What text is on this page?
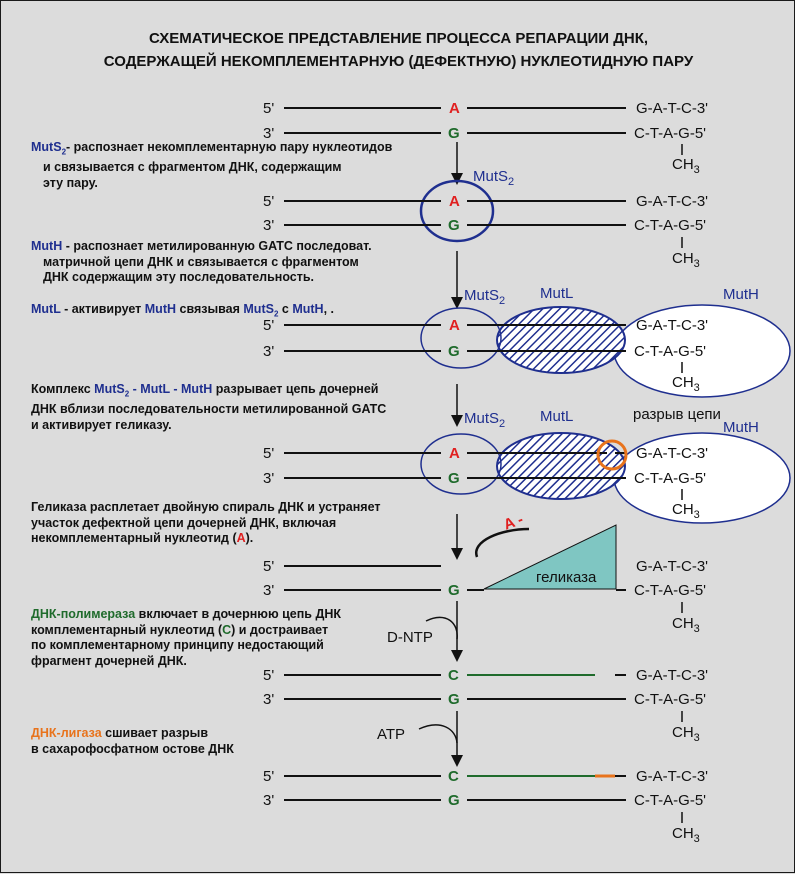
СХЕМАТИЧЕСКОЕ ПРЕДСТАВЛЕНИЕ ПРОЦЕССА РЕПАРАЦИИ ДНК,
СОДЕРЖАЩЕЙ НЕКОМПЛЕМЕНТАРНУЮ (ДЕФЕКТНУЮ) НУКЛЕОТИДНУЮ ПАРУ
MutS$_2$- распознает некомплементарную пару нуклеотидов
и связывается с фрагментом ДНК, содержащим
эту пару.
MutH - распознает метилированную GATC последоват.
матричной цепи ДНК и связывается с фрагментом
ДНК содержащим эту последовательность.
MutL - активирует MutH связывая MutS$_2$ с MutH, .
Комплекс MutS$_2$ - MutL - MutH разрывает цепь дочерней
ДНК вблизи последовательности метилированной GATC
и активирует геликазу.
Геликаза расплетает двойную спираль ДНК и устраняет
участок дефектной цепи дочерней ДНК, включая
некомплементарный нуклеотид (A).
ДНК-полимераза включает в дочернюю цепь ДНК
комплементарный нуклеотид (C) и достраивает
по комплементарному принципу недостающий
фрагмент дочерней ДНК.
ДНК-лигаза сшивает разрыв
в сахарофосфатном остове ДНК
5'
3'
A
G
G-A-T-C-3'
C-T-A-G-5'
$CH_3$
MutS$_2$
5'
3'
A
G
G-A-T-C-3'
C-T-A-G-5'
$CH_3$
MutS$_2$ MutL	MutH
5'
3'
A
G
G-A-T-C-3'
C-T-A-G-5'
$CH_3$
MutS$_2$ MutL	разрыв цепи
MutH
5'
3'
A
G
G-A-T-C-3'
C-T-A-G-5'
$CH_3$
A -
геликаза
5'
3'	G
G-A-T-C-3'
C-T-A-G-5'
$CH_3$
D-NTP
5'
3'
C
G
G-A-T-C-3'
C-T-A-G-5'
$CH_3$
ATP
5'
3'
C
G
G-A-T-C-3'
C-T-A-G-5'
$CH_3$
